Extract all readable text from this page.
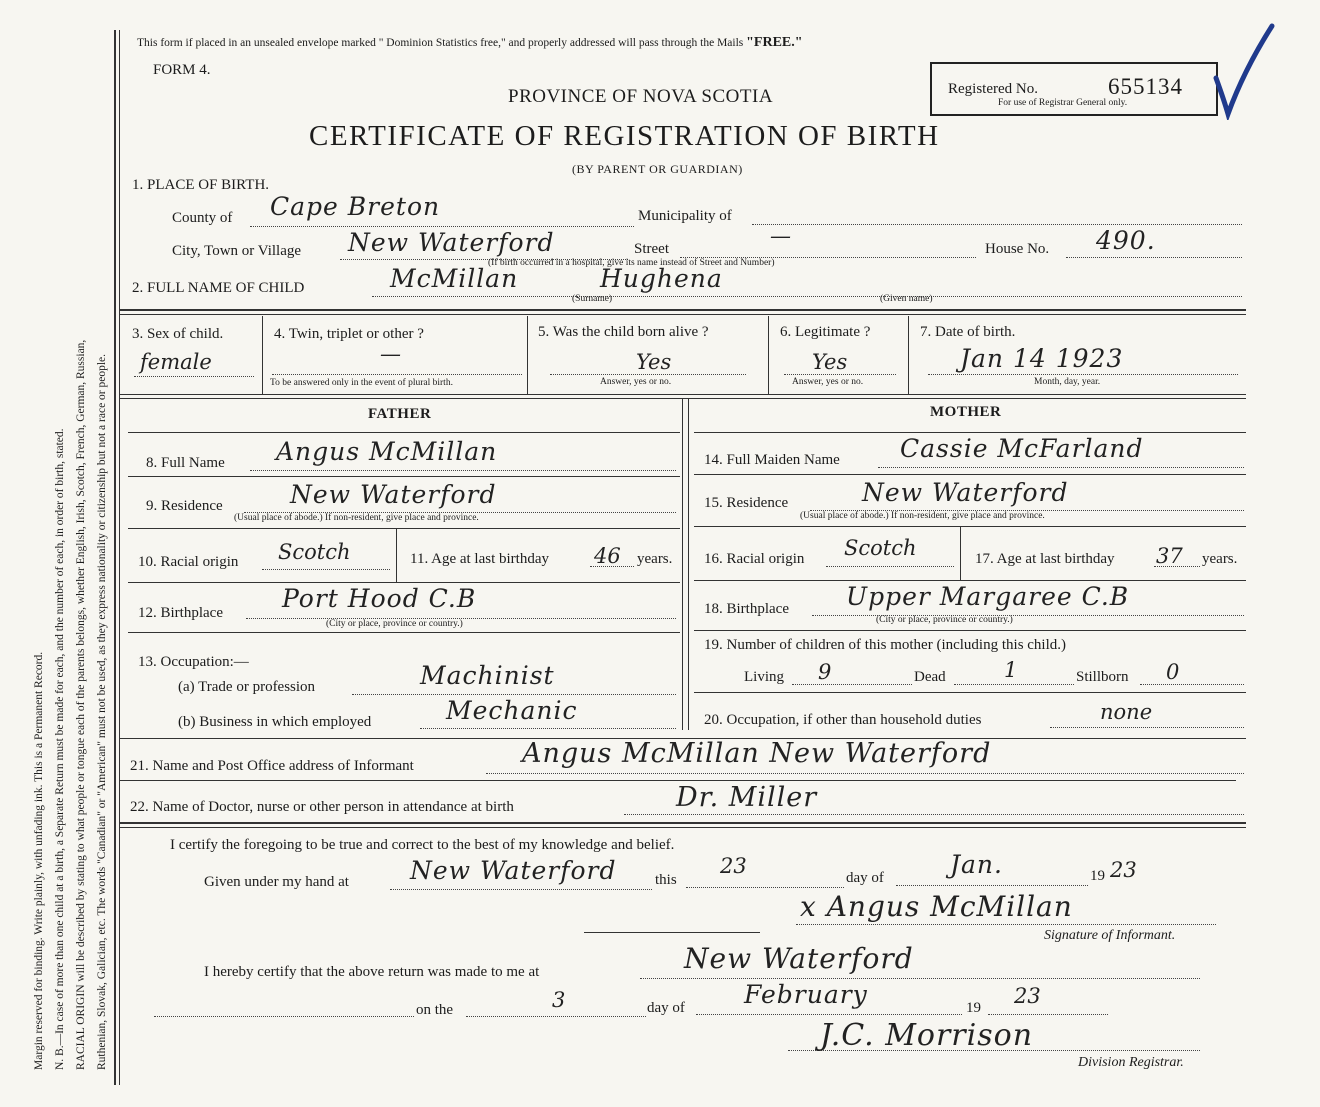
Margin reserved for binding. Write plainly, with unfading ink. This is a Permanent Record. N. B.—In case of more than one child at a birth, a Separate Return must be made for each, and the number of each, in order of birth, stated. RACIAL ORIGIN will be described by stating to what people or tongue each of the parents belongs, whether English, Irish, Scotch, French, German, Russian, Ruthenian, Slovak, Galician, etc. The words "Canadian" or "American" must not be used, as they express nationality or citizenship but not a race or people.
This form if placed in an unsealed envelope marked " Dominion Statistics free," and properly addressed will pass through the Mails "FREE."
FORM 4.
PROVINCE OF NOVA SCOTIA
CERTIFICATE OF REGISTRATION OF BIRTH
(BY PARENT OR GUARDIAN)
Registered No.	655134
For use of Registrar General only.
1. PLACE OF BIRTH.
County of Cape Breton	Municipality of
City, Town or Village New Waterford	Street
—
House No. 490.
(If birth occurred in a hospital, give its name instead of Street and Number)
2. FULL NAME OF CHILD	McMillan	Hughena
(Surname)	(Given name)
3. Sex of child.
female
4. Twin, triplet or other ?
—
To be answered only in the event of plural birth.
5. Was the child born alive ?
Yes
Answer, yes or no.
6. Legitimate ?
Yes
Answer, yes or no.
7. Date of birth.
Jan 14 1923
Month, day, year.
FATHER	MOTHER
8. Full Name Angus McMillan
9. Residence	New Waterford
(Usual place of abode.) If non-resident, give place and province.
10. Racial origin Scotch	11. Age at last birthday 46 years.
12. Birthplace Port Hood C.B
(City or place, province or country.)
13. Occupation:—
(a) Trade or profession	Machinist
(b) Business in which employed	Mechanic
14. Full Maiden Name Cassie McFarland
15. Residence	New Waterford
(Usual place of abode.) If non-resident, give place and province.
16. Racial origin Scotch	17. Age at last birthday 37 years.
18. Birthplace Upper Margaree C.B
(City or place, province or country.)
19. Number of children of this mother (including this child.)
Living 9	Dead	1	Stillborn 0
20. Occupation, if other than household duties	none
21. Name and Post Office address of Informant	Angus McMillan New Waterford
22. Name of Doctor, nurse or other person in attendance at birth	Dr. Miller
I certify the foregoing to be true and correct to the best of my knowledge and belief.
Given under my hand at New Waterford	this
23	day of	Jan.	19 23
x Angus McMillan
Signature of Informant.
I hereby certify that the above return was made to me at	New Waterford
on the	3	day of February	19 23
J.C. Morrison
Division Registrar.
